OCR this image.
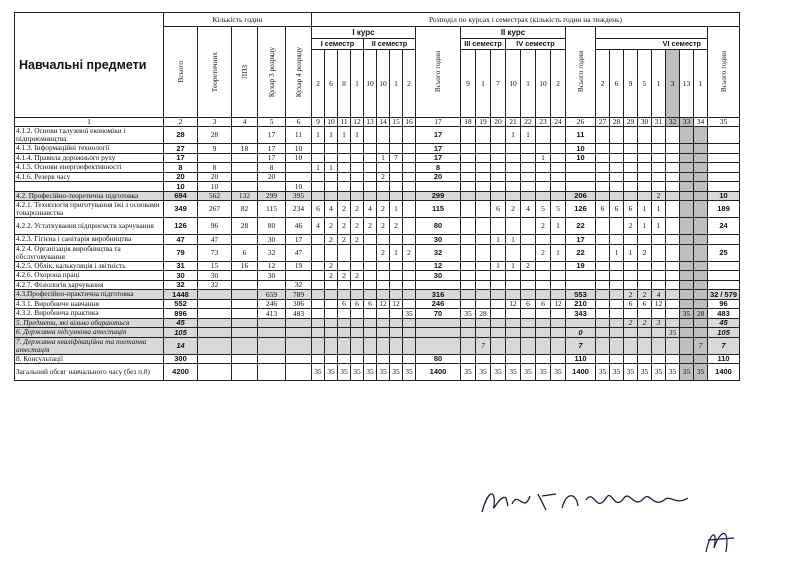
Навчальні предмети	Кількість годин					Розподіл по курсах і семестрах (кількість годин на тиждень)																									

	Всього	Теоретичних	ЛПЗ	Кухар 3 розряду	Кухар 4 розряду	І курс								Всього годин	ІІ курс							Всього годин									Всього годин

						І семестр				ІІ семестр					ІІІ семестр			ІV семестр					VІ семестр								
						2	6	8	1	10	10	1	2		9	1	7	10	1	10	2		2	6	9	5	1	3	13	1	
1	2	3	4	5	6	9	10	11	12	13	14	15	16	17	18	19	20	21	22	23	24	26	27	28	29	30	31	32	33	34	35
4.1.2. Основи галузевої економіки і підприємництва	28	28		17	11	1	1	1	1					17				1	1			11									
4.1.3. Інформаційні технології	27	9	18	17	10									17								10									
4.1.4. Правила дорожнього руху	17			17	10						1	7		17						1		10									
4.1.5. Основи енергоефективності	8	8		8		1	1							8																	
4.1.6. Резерв часу	20	20		20							2			20																	
	10	10			10																										
4.2. Професійно-теоретична підготовка	694	562	132	299	395									299								206					2				10
4.2.1. Технологія приготування їжі з основами товарознавства	349	267	82	115	234	6	4	2	2	4	2	1		115			6	2	4	5	5	126	6	6	6	1	1				189
4.2.2. Устаткування підприємств харчування	126	96	28	80	46	4	2	2	2	2	2	2		80						2	1	22			2	1	1				24
4.2.3. Гігієна і санітарія виробництва	47	47		30	17		2	2	2					30			1	1				17									
4.2.4. Організація виробництва та обслуговування	79	73	6	32	47						2	1	2	32						2	1	22		1	1	2					25
4.2.5. Облік, калькуляція і звітність	31	15	16	12	19		2							12			1	1	2			19									
4.2.6. Охорона праці	30	30		30			2	2	2					30																	
4.2.7. Фізіологія харчування	32	32			32																										
4.3.Професійно-практична підготовка	1448			659	789									316								553			2	2	4				32 / 579
4.3.1. Виробниче навчання	552			246	306			6	6	6	12	12		246				12	6	6	12	210			6	6	12				96
4.3.2. Виробнича практика	896			413	483								35	70	35	28						343							35	28	483
5. Предмети, які вільно обираються	45																								2	2	3				45
6. Державна підсумкова атестація	105																					0						35			105
7. Державна кваліфікаційна та поетапна атестація	14															7						7								7	7
8. Консультації	300													80								110									110
Загальний обсяг навчального часу (без п.8)	4200					35	35	35	35	35	35	35	35	1400	35	35	35	35	35	35	35	1400	35	35	35	35	35	35	35	35	1400
